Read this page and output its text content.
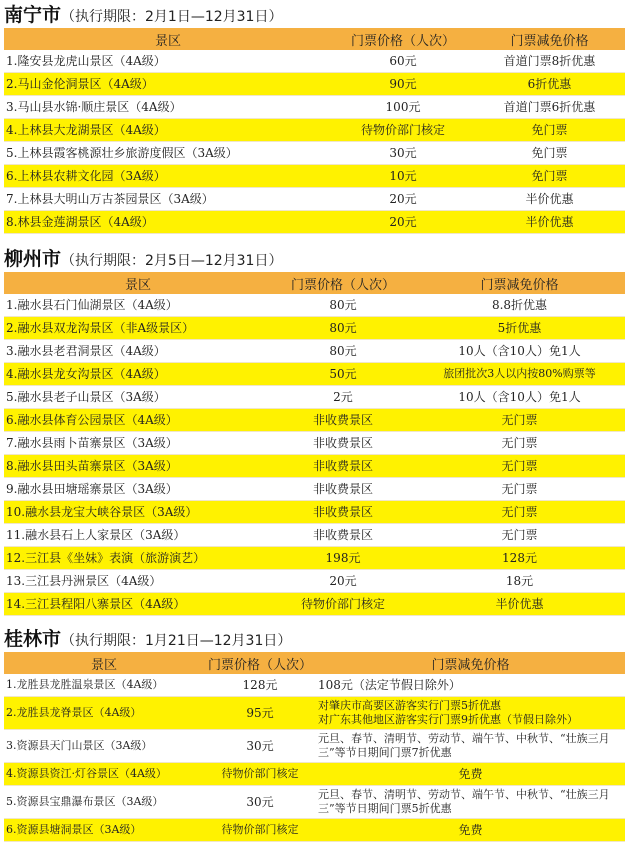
南宁市（执行期限：2月1日—12月31日）
景区	门票价格（人次）	门票减免价格
1.隆安县龙虎山景区（4A级）	60元	首道门票8折优惠
2.马山金伦洞景区（4A级）	90元	6折优惠
3.马山县水锦·顺庄景区（4A级）	100元	首道门票6折优惠
4.上林县大龙湖景区（4A级）	待物价部门核定	免门票
5.上林县霞客桃源壮乡旅游度假区（3A级）	30元	免门票
6.上林县农耕文化园（3A级）	10元	免门票
7.上林县大明山万古茶园景区（3A级）	20元	半价优惠
8.林县金莲湖景区（4A级）	20元	半价优惠
柳州市（执行期限：2月5日—12月31日）
景区	门票价格（人次）	门票减免价格
1.融水县石门仙湖景区（4A级）	80元	8.8折优惠
2.融水县双龙沟景区（非A级景区）	80元	5折优惠
3.融水县老君洞景区（4A级）	80元	10人（含10人）免1人
4.融水县龙女沟景区（4A级）	50元	旅团批次3人以内按80%购票等
5.融水县老子山景区（3A级）	2元	10人（含10人）免1人
6.融水县体育公园景区（4A级）	非收费景区	无门票
7.融水县雨卜苗寨景区（3A级）	非收费景区	无门票
8.融水县田头苗寨景区（3A级）	非收费景区	无门票
9.融水县田塘瑶寨景区（3A级）	非收费景区	无门票
10.融水县龙宝大峡谷景区（3A级）	非收费景区	无门票
11.融水县石上人家景区（3A级）	非收费景区	无门票
12.三江县《坐妹》表演（旅游演艺）	198元	128元
13.三江县丹洲景区（4A级）	20元	18元
14.三江县程阳八寨景区（4A级）	待物价部门核定	半价优惠
桂林市（执行期限：1月21日—12月31日）
景区	门票价格（人次）	门票减免价格
1.龙胜县龙胜温泉景区（4A级）	128元	108元（法定节假日除外）
2.龙胜县龙脊景区（4A级）	95元	对肇庆市高要区游客实行门票5折优惠
对广东其他地区游客实行门票9折优惠（节假日除外）
3.资源县天门山景区（3A级）	30元	元旦、春节、清明节、劳动节、端午节、中秋节、“壮族三月三”等节日期间门票7折优惠
4.资源县资江·灯谷景区（4A级）	待物价部门核定	免费
5.资源县宝鼎瀑布景区（3A级）	30元	元旦、春节、清明节、劳动节、端午节、中秋节、“壮族三月三”等节日期间门票5折优惠
6.资源县塘洞景区（3A级）	待物价部门核定	免费
